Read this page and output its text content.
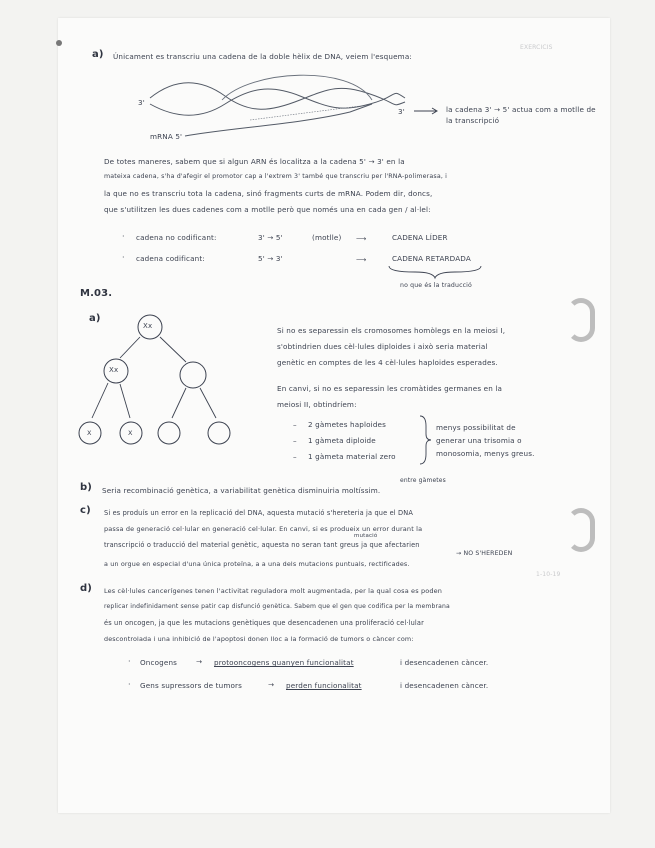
a) Únicament es transcriu una cadena de la doble hèlix de DNA, veiem l'esquema:
EXERCICIS
3'
3'
mRNA 5'
la cadena 3' → 5' actua com a motlle de la transcripció
De totes maneres, sabem que si algun ARN és localitza a la cadena 5' → 3' en la
mateixa cadena, s'ha d'afegir el promotor cap a l'extrem 3' també que transcriu per l'RNA-polimerasa, i
la que no es transcriu tota la cadena, sinó fragments curts de mRNA. Podem dir, doncs,
que s'utilitzen les dues cadenes com a motlle però que només una en cada gen / al·lel:
· cadena no codificant:	3' → 5'	(motlle) ⟶	CADENA LÍDER
· cadena codificant:	5' → 3'	⟶	CADENA RETARDADA
no que és la traducció
M.03.
a)
Xx
Xx
X	X
Si no es separessin els cromosomes homòlegs en la meiosi I,
s'obtindrien dues cèl·lules diploides i això seria material
genètic en comptes de les 4 cèl·lules haploides esperades.
En canvi, si no es separessin les cromàtides germanes en la
meiosi II, obtindríem:
– 2 gàmetes haploides
– 1 gàmeta diploide
– 1 gàmeta material zero
menys possibilitat de
generar una trisomia o
monosomia, menys greus.
entre gàmetes
b) Seria recombinació genètica, a variabilitat genètica disminuiria moltíssim.
c) Si es produís un error en la replicació del DNA, aquesta mutació s'hereteria ja que el DNA
passa de generació cel·lular en generació cel·lular. En canvi, si es produeix un error durant la
mutació
transcripció o traducció del material genètic, aquesta no seran tant greus ja que afectarien
→ NO S'HEREDEN
a un orgue en especial d'una única proteïna, a a una dels mutacions puntuals, rectificades.
1-10-19
d) Les cèl·lules cancerígenes tenen l'activitat reguladora molt augmentada, per la qual cosa es poden
replicar indefinidament sense patir cap disfunció genètica. Sabem que el gen que codifica per la membrana
és un oncogen, ja que les mutacions genètiques que desencadenen una proliferació cel·lular
descontrolada i una inhibició de l'apoptosi donen lloc a la formació de tumors o càncer com:
· Oncogens	→ protooncogens guanyen funcionalitat	i desencadenen càncer.
· Gens supressors de tumors	→ perden funcionalitat	i desencadenen càncer.
